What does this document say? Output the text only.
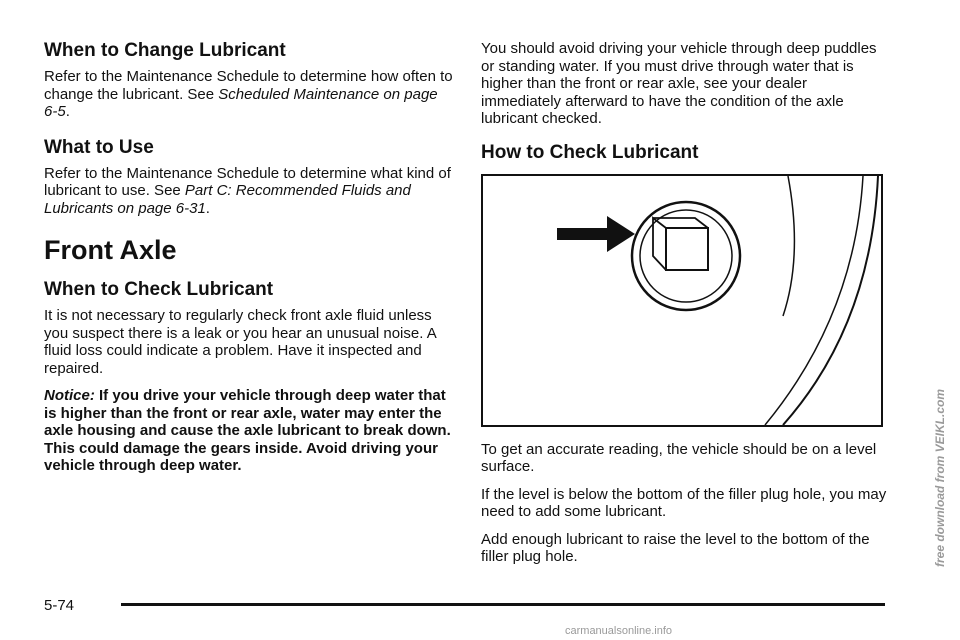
When to Change Lubricant

Refer to the Maintenance Schedule to determine how often to change the lubricant. See Scheduled Maintenance on page 6-5.

What to Use

Refer to the Maintenance Schedule to determine what kind of lubricant to use. See Part C: Recommended Fluids and Lubricants on page 6-31.

Front Axle
When to Check Lubricant

It is not necessary to regularly check front axle fluid unless you suspect there is a leak or you hear an unusual noise. A fluid loss could indicate a problem. Have it inspected and repaired.

Notice: If you drive your vehicle through deep water that is higher than the front or rear axle, water may enter the axle housing and cause the axle lubricant to break down. This could damage the gears inside. Avoid driving your vehicle through deep water.

You should avoid driving your vehicle through deep puddles or standing water. If you must drive through water that is higher than the front or rear axle, see your dealer immediately afterward to have the condition of the axle lubricant checked.

How to Check Lubricant

To get an accurate reading, the vehicle should be on a level surface.

If the level is below the bottom of the filler plug hole, you may need to add some lubricant.

Add enough lubricant to raise the level to the bottom of the filler plug hole.

5-74
free download from VEIKL.com
carmanualsonline.info
